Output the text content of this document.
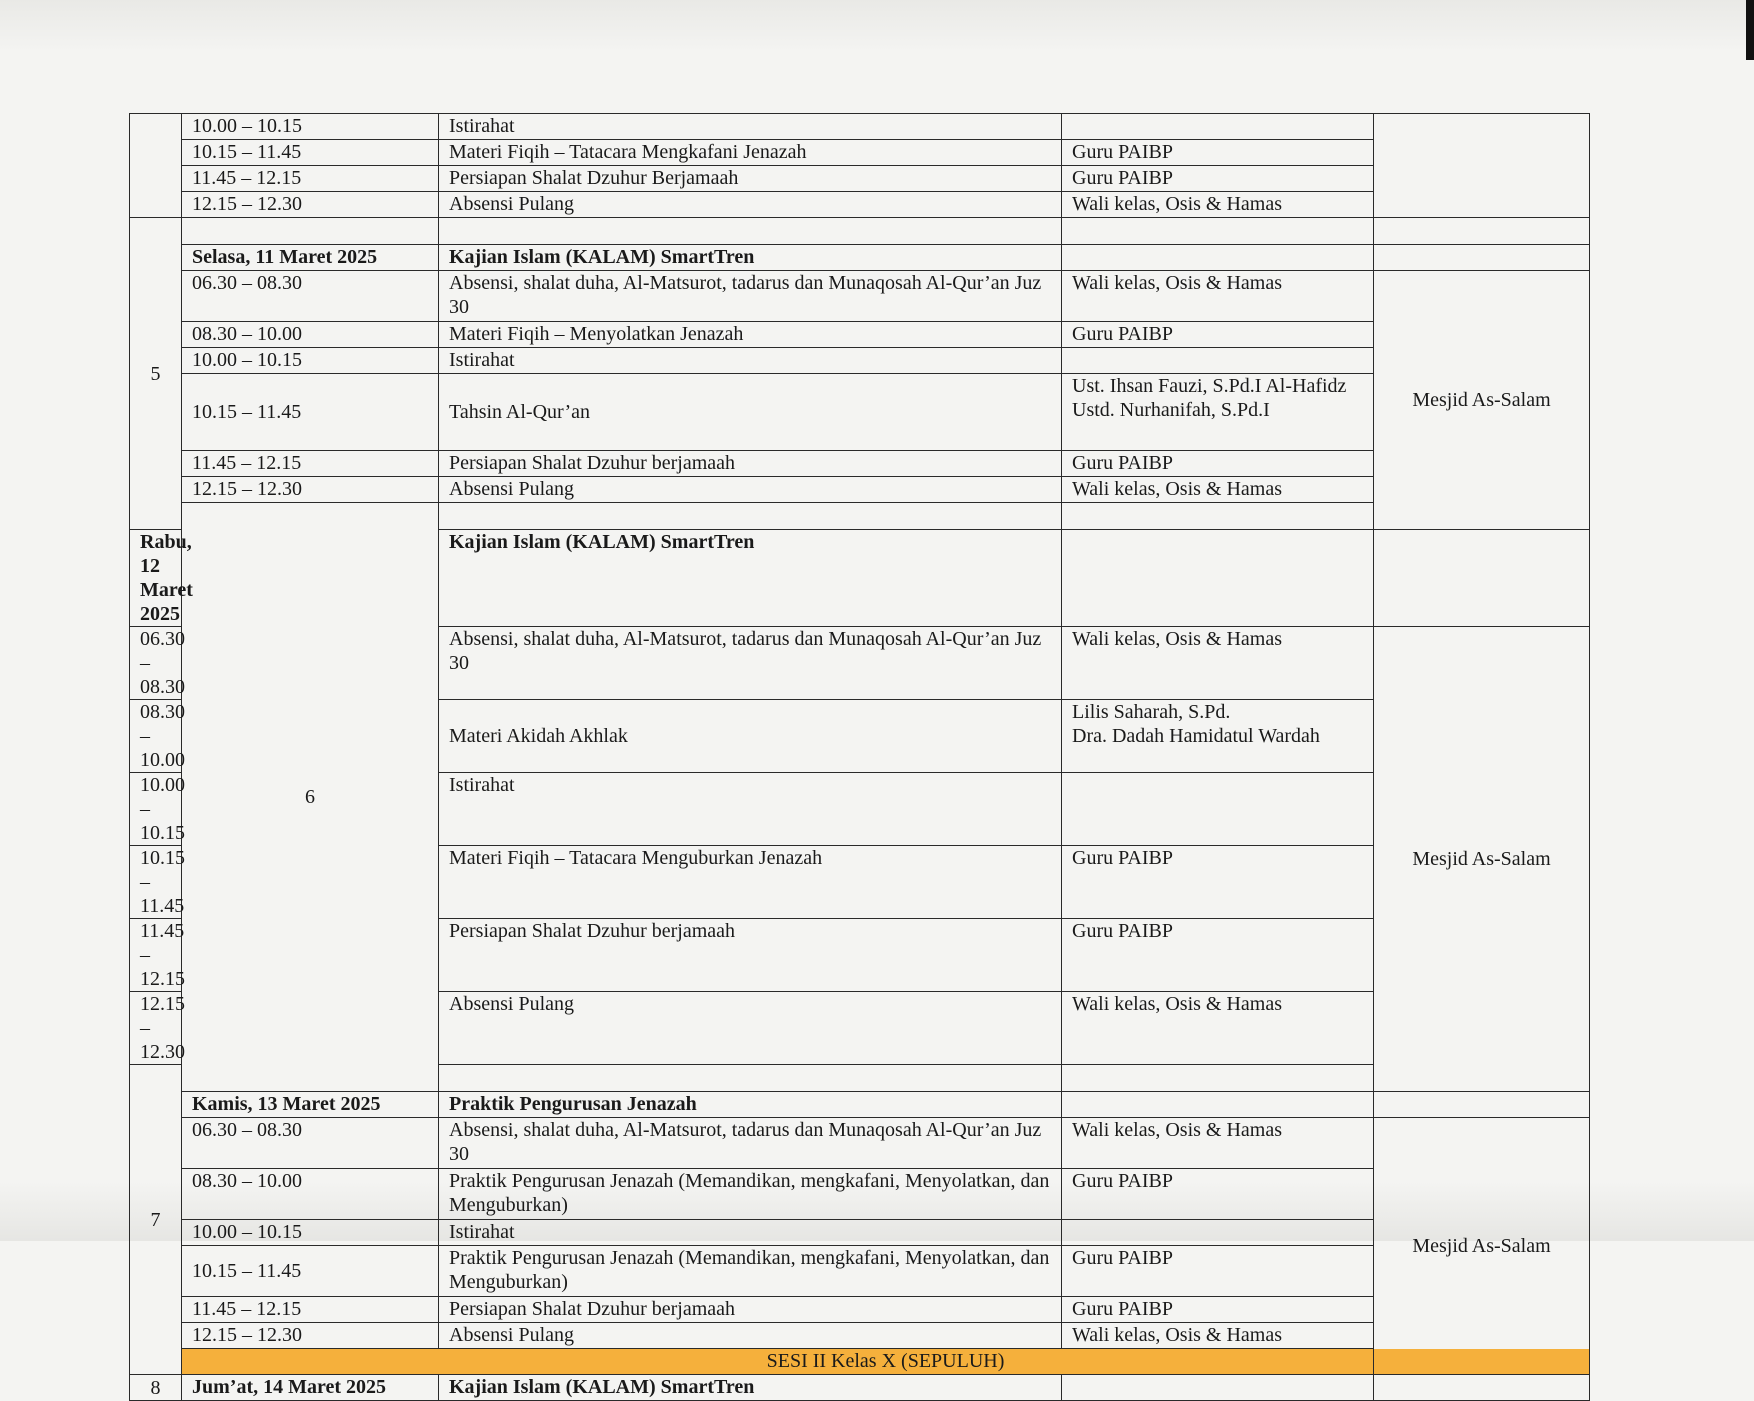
	10.00 – 10.15	Istirahat			
	10.15 – 11.45	Materi Fiqih – Tatacara Mengkafani Jenazah	Guru PAIBP		
	11.45 – 12.15	Persiapan Shalat Dzuhur Berjamaah	Guru PAIBP		
	12.15 – 12.30	Absensi Pulang	Wali kelas, Osis & Hamas		
5					
	Selasa, 11 Maret 2025	Kajian Islam (KALAM) SmartTren			
	06.30 – 08.30	Absensi, shalat duha, Al-Matsurot, tadarus dan Munaqosah Al-Qur’an Juz 30	Wali kelas, Osis & Hamas	Mesjid As-Salam	
	08.30 – 10.00	Materi Fiqih – Menyolatkan Jenazah	Guru PAIBP		
	10.00 – 10.15	Istirahat			
	10.15 – 11.45	Tahsin Al-Qur’an	Ust. Ihsan Fauzi, S.Pd.I Al-Hafidz
Ustd. Nurhanifah, S.Pd.I		

	11.45 – 12.15	Persiapan Shalat Dzuhur berjamaah	Guru PAIBP		
	12.15 – 12.30	Absensi Pulang	Wali kelas, Osis & Hamas		
	6				
Rabu, 12 Maret 2025		Kajian Islam (KALAM) SmartTren			
06.30 – 08.30		Absensi, shalat duha, Al-Matsurot, tadarus dan Munaqosah Al-Qur’an Juz 30	Wali kelas, Osis & Hamas	Mesjid As-Salam	
08.30 – 10.00		Materi Akidah Akhlak	Lilis Saharah, S.Pd.
Dra. Dadah Hamidatul Wardah		

10.00 – 10.15		Istirahat			
10.15 – 11.45		Materi Fiqih – Tatacara Menguburkan Jenazah	Guru PAIBP		
11.45 – 12.15		Persiapan Shalat Dzuhur berjamaah	Guru PAIBP		
12.15 – 12.30		Absensi Pulang	Wali kelas, Osis & Hamas		
7					
	Kamis, 13 Maret 2025	Praktik Pengurusan Jenazah			
	06.30 – 08.30	Absensi, shalat duha, Al-Matsurot, tadarus dan Munaqosah Al-Qur’an Juz 30	Wali kelas, Osis & Hamas	Mesjid As-Salam	
	08.30 – 10.00	Praktik Pengurusan Jenazah (Memandikan, mengkafani, Menyolatkan, dan Menguburkan)	Guru PAIBP		
	10.00 – 10.15	Istirahat			
	10.15 – 11.45	Praktik Pengurusan Jenazah (Memandikan, mengkafani, Menyolatkan, dan Menguburkan)	Guru PAIBP		
	11.45 – 12.15	Persiapan Shalat Dzuhur berjamaah	Guru PAIBP		
	12.15 – 12.30	Absensi Pulang	Wali kelas, Osis & Hamas		
	SESI II Kelas X (SEPULUH)				
8	Jum’at, 14 Maret 2025	Kajian Islam (KALAM) SmartTren			
